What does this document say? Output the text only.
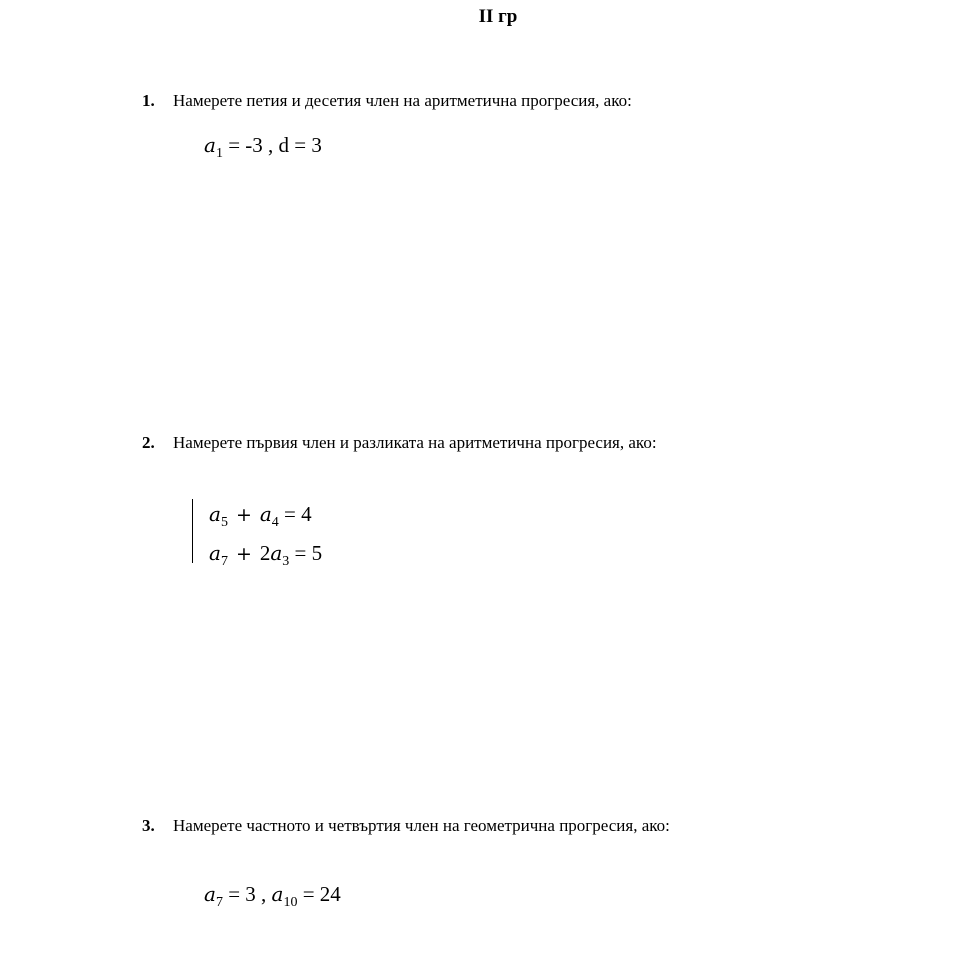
II гр
1. Намерете петия и десетия член на аритметична прогресия, ако:
$a_1 = -3$ , d = 3
2. Намерете първия член и разликата на аритметична прогресия, ако:
$a_5 + a_4 = 4$
$a_7 + 2a_3 = 5$
3. Намерете частното и четвъртия член на геометрична прогресия, ако:
$a_7 = 3$ , $a_{10} = 24$
